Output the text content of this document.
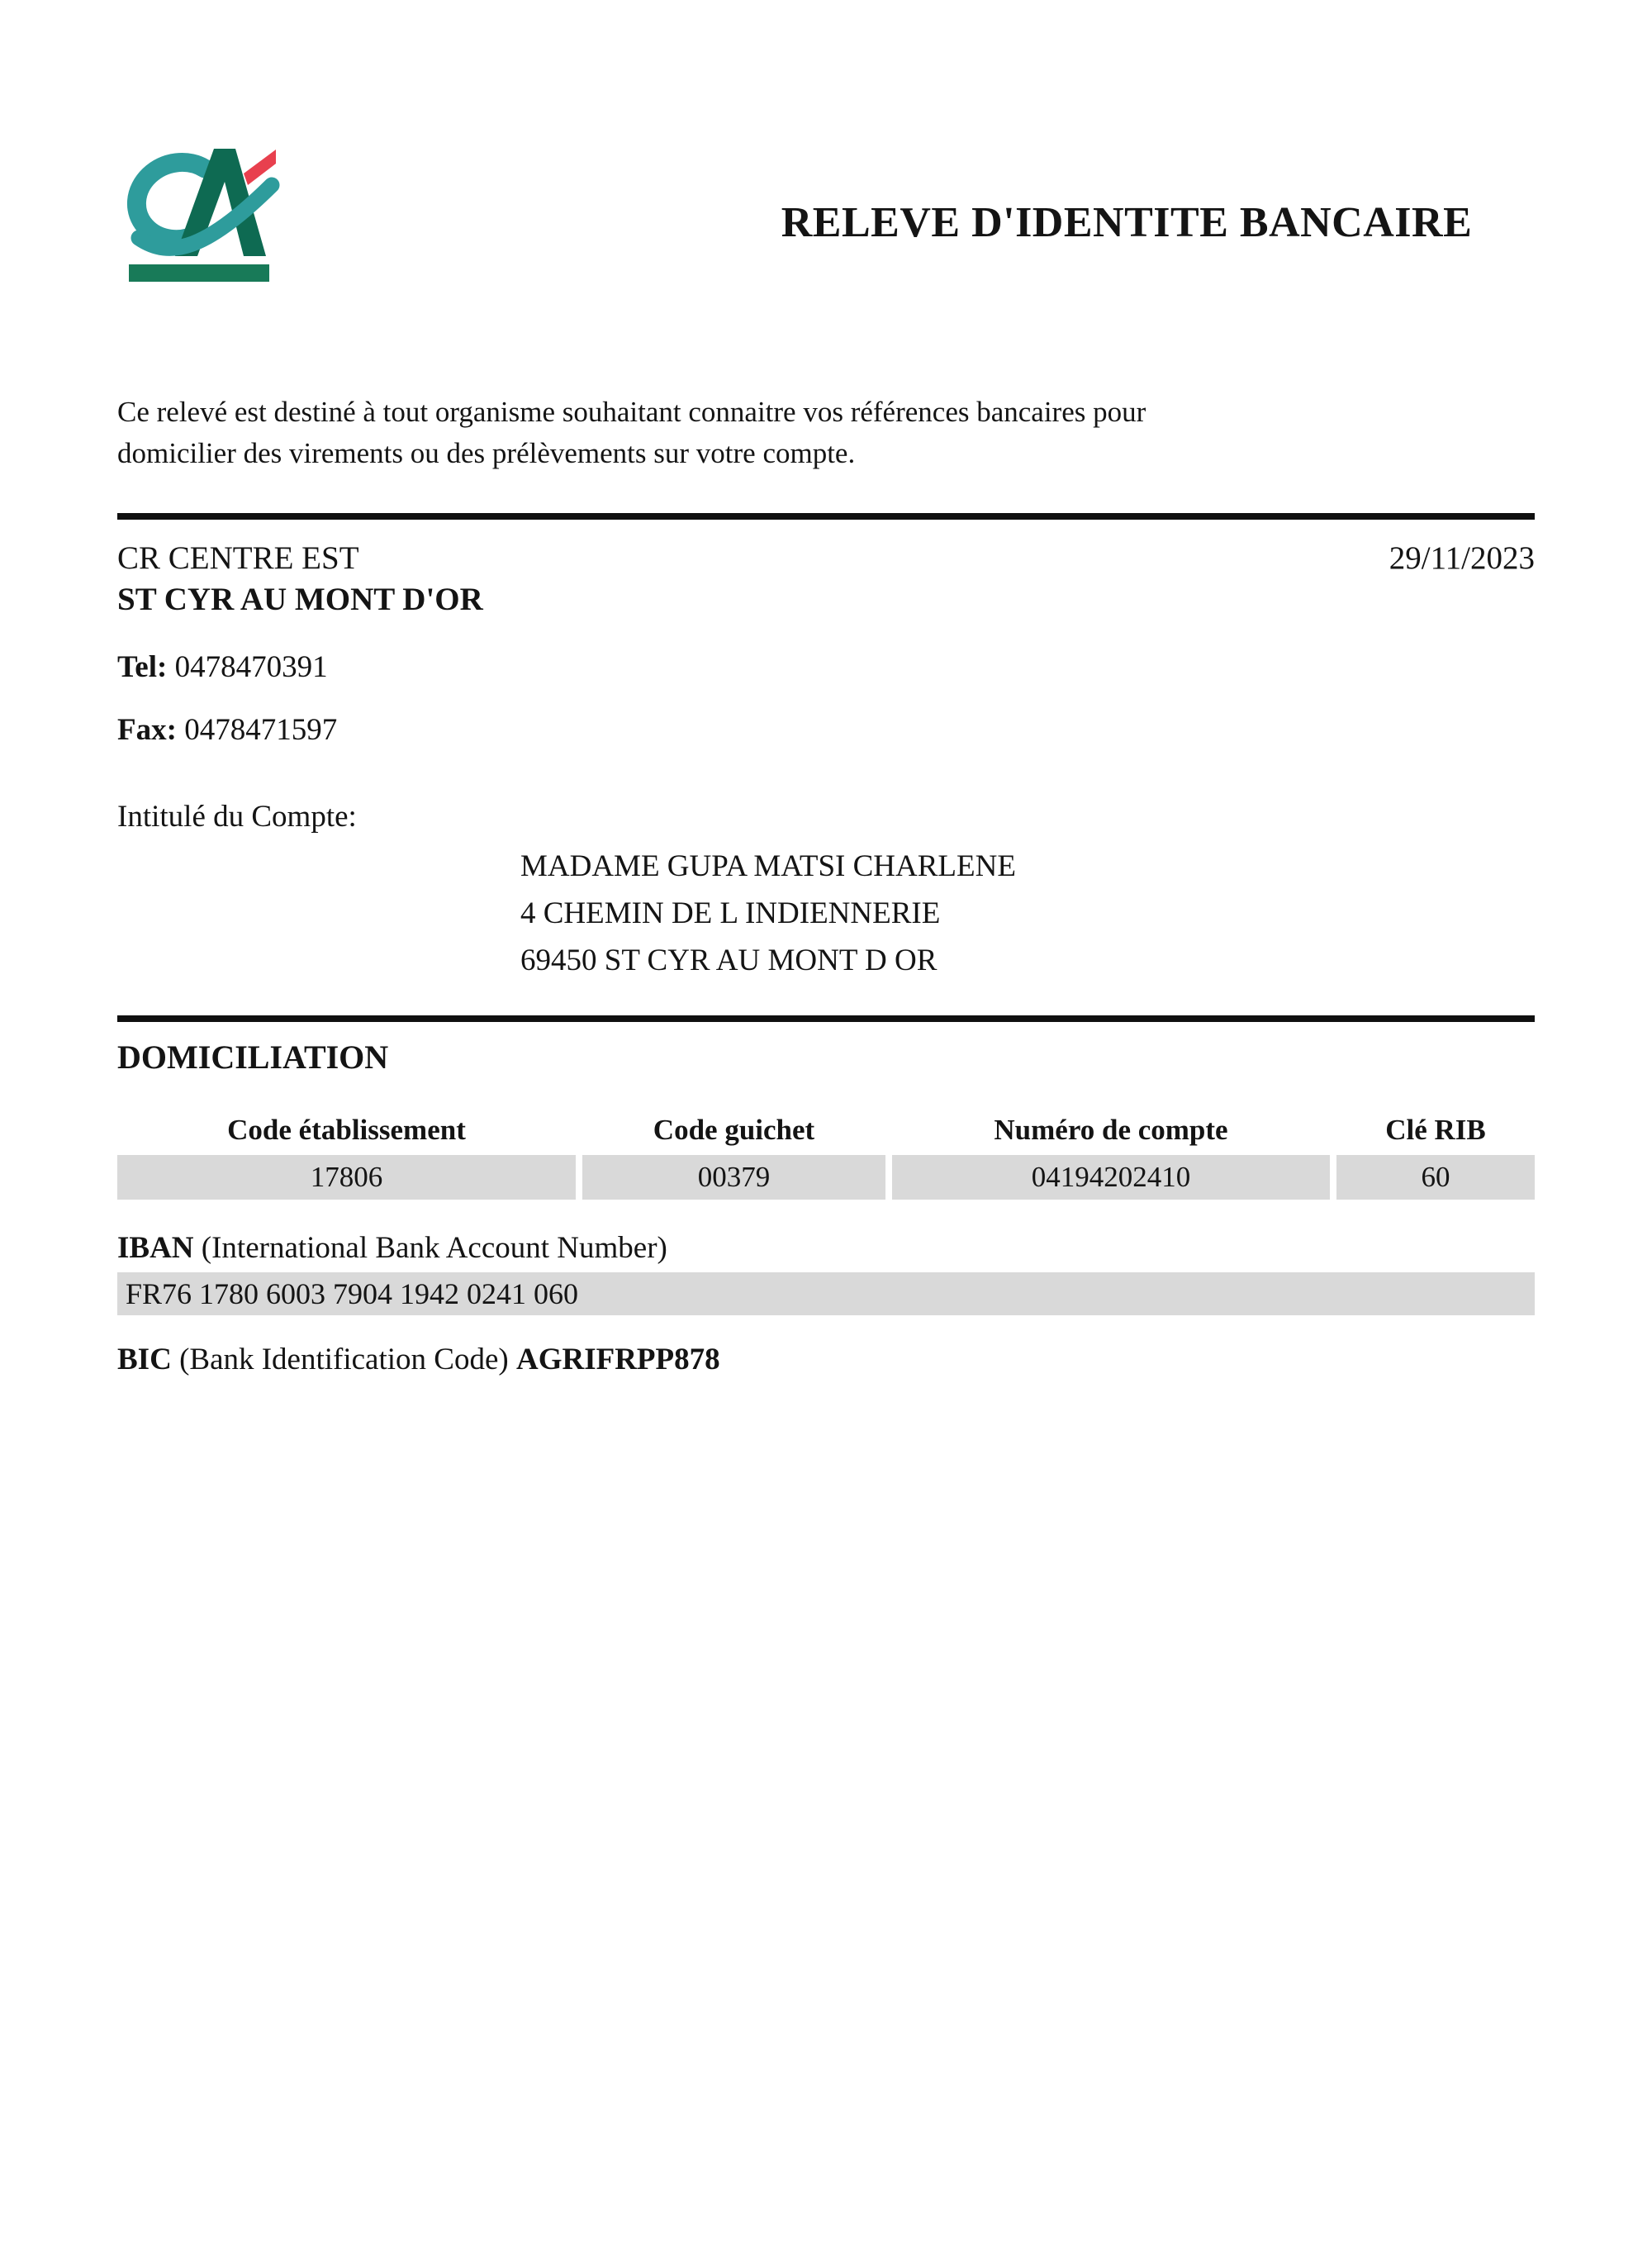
RELEVE D'IDENTITE BANCAIRE
Ce relevé est destiné à tout organisme souhaitant connaitre vos références bancaires pour
domicilier des virements ou des prélèvements sur votre compte.
CR CENTRE EST	29/11/2023
ST CYR AU MONT D'OR
Tel: 0478470391
Fax: 0478471597
Intitulé du Compte:
MADAME GUPA MATSI CHARLENE
4 CHEMIN DE L INDIENNERIE
69450 ST CYR AU MONT D OR
DOMICILIATION
Code établissement	Code guichet	Numéro de compte	Clé RIB
17806	00379	04194202410	60
IBAN (International Bank Account Number)
FR76 1780 6003 7904 1942 0241 060
BIC (Bank Identification Code) AGRIFRPP878
